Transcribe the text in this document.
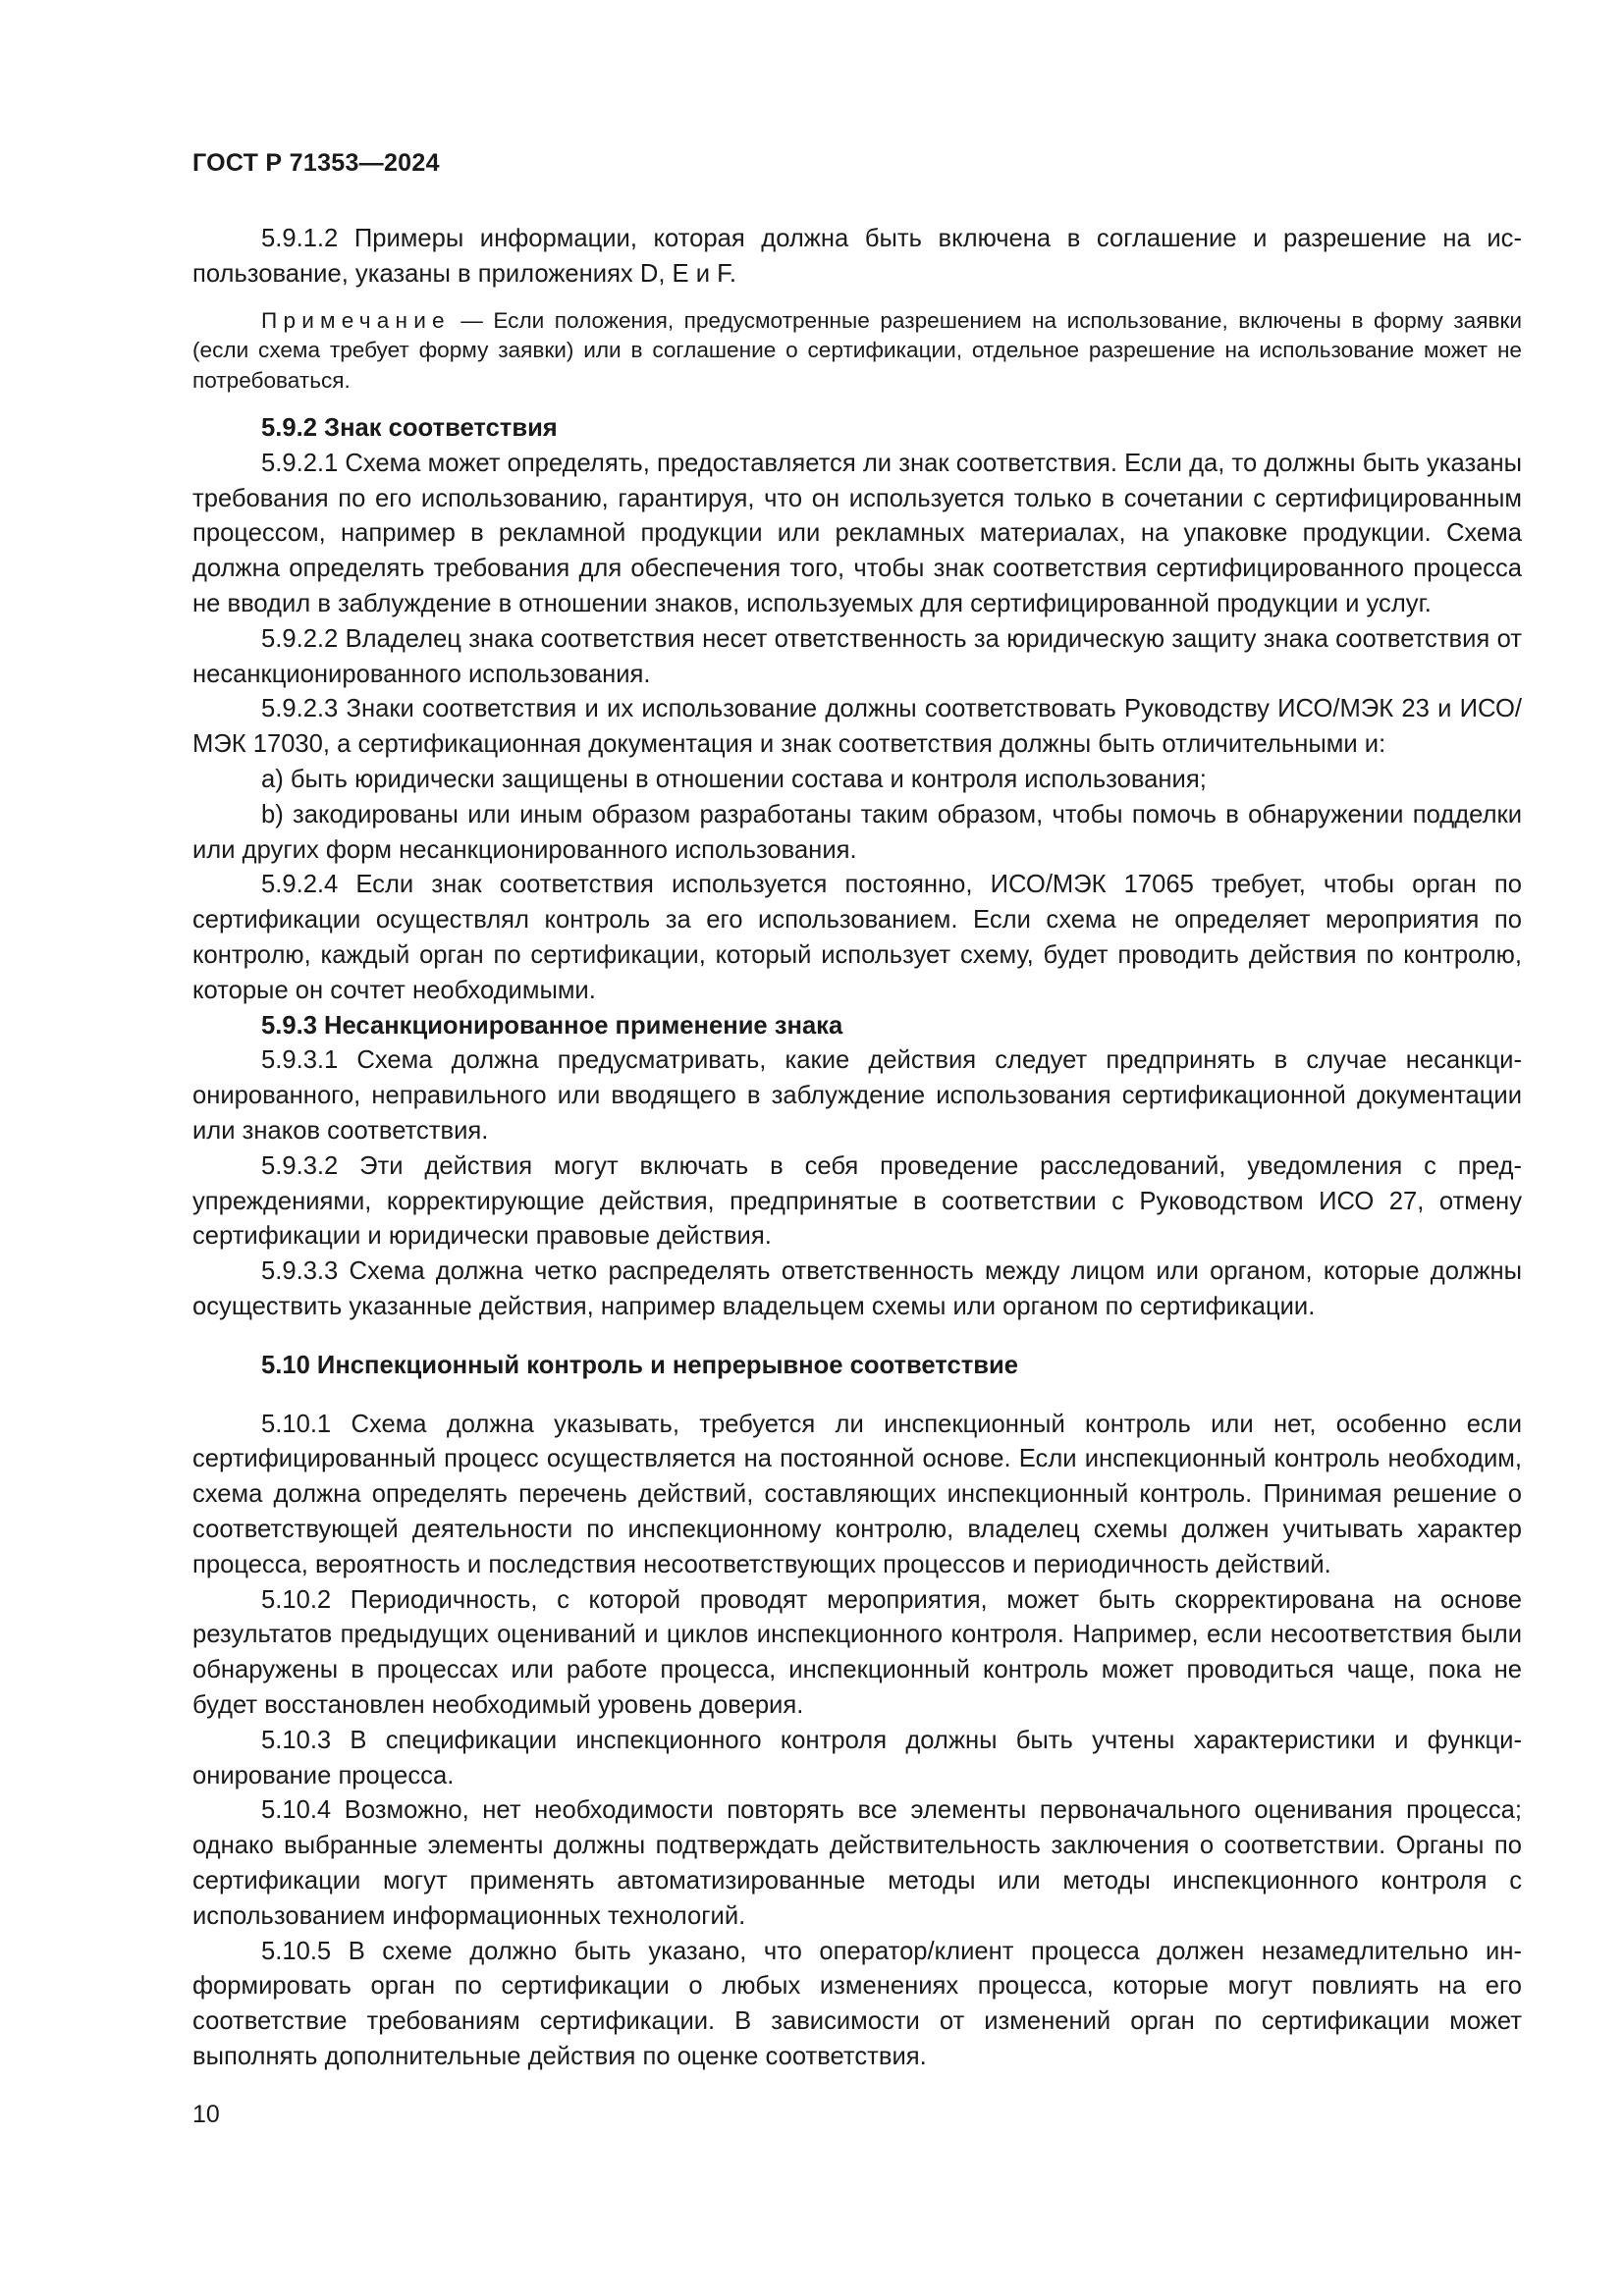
ГОСТ Р 71353—2024

5.9.1.2 Примеры информации, которая должна быть включена в соглашение и разрешение на использование, указаны в приложениях D, E и F.

Примечание — Если положения, предусмотренные разрешением на использование, включены в форму заявки (если схема требует форму заявки) или в соглашение о сертификации, отдельное разрешение на использование может не потребоваться.

5.9.2 Знак соответствия

5.9.2.1 Схема может определять, предоставляется ли знак соответствия. Если да, то должны быть указаны требования по его использованию, гарантируя, что он используется только в сочетании с сертифицированным процессом, например в рекламной продукции или рекламных материалах, на упаковке продукции. Схема должна определять требования для обеспечения того, чтобы знак соответствия сертифицированного процесса не вводил в заблуждение в отношении знаков, используемых для сертифицированной продукции и услуг.

5.9.2.2 Владелец знака соответствия несет ответственность за юридическую защиту знака соответствия от несанкционированного использования.

5.9.2.3 Знаки соответствия и их использование должны соответствовать Руководству ИСО/МЭК 23 и ИСО/МЭК 17030, а сертификационная документация и знак соответствия должны быть отличительными и:

a) быть юридически защищены в отношении состава и контроля использования;

b) закодированы или иным образом разработаны таким образом, чтобы помочь в обнаружении подделки или других форм несанкционированного использования.

5.9.2.4 Если знак соответствия используется постоянно, ИСО/МЭК 17065 требует, чтобы орган по сертификации осуществлял контроль за его использованием. Если схема не определяет мероприятия по контролю, каждый орган по сертификации, который использует схему, будет проводить действия по контролю, которые он сочтет необходимыми.

5.9.3 Несанкционированное применение знака

5.9.3.1 Схема должна предусматривать, какие действия следует предпринять в случае несанкционированного, неправильного или вводящего в заблуждение использования сертификационной документации или знаков соответствия.

5.9.3.2 Эти действия могут включать в себя проведение расследований, уведомления с предупреждениями, корректирующие действия, предпринятые в соответствии с Руководством ИСО 27, отмену сертификации и юридически правовые действия.

5.9.3.3 Схема должна четко распределять ответственность между лицом или органом, которые должны осуществить указанные действия, например владельцем схемы или органом по сертификации.

5.10 Инспекционный контроль и непрерывное соответствие

5.10.1 Схема должна указывать, требуется ли инспекционный контроль или нет, особенно если сертифицированный процесс осуществляется на постоянной основе. Если инспекционный контроль необходим, схема должна определять перечень действий, составляющих инспекционный контроль. Принимая решение о соответствующей деятельности по инспекционному контролю, владелец схемы должен учитывать характер процесса, вероятность и последствия несоответствующих процессов и периодичность действий.

5.10.2 Периодичность, с которой проводят мероприятия, может быть скорректирована на основе результатов предыдущих оцениваний и циклов инспекционного контроля. Например, если несоответствия были обнаружены в процессах или работе процесса, инспекционный контроль может проводиться чаще, пока не будет восстановлен необходимый уровень доверия.

5.10.3 В спецификации инспекционного контроля должны быть учтены характеристики и функционирование процесса.

5.10.4 Возможно, нет необходимости повторять все элементы первоначального оценивания процесса; однако выбранные элементы должны подтверждать действительность заключения о соответствии. Органы по сертификации могут применять автоматизированные методы или методы инспекционного контроля с использованием информационных технологий.

5.10.5 В схеме должно быть указано, что оператор/клиент процесса должен незамедлительно информировать орган по сертификации о любых изменениях процесса, которые могут повлиять на его соответствие требованиям сертификации. В зависимости от изменений орган по сертификации может выполнять дополнительные действия по оценке соответствия.

10
